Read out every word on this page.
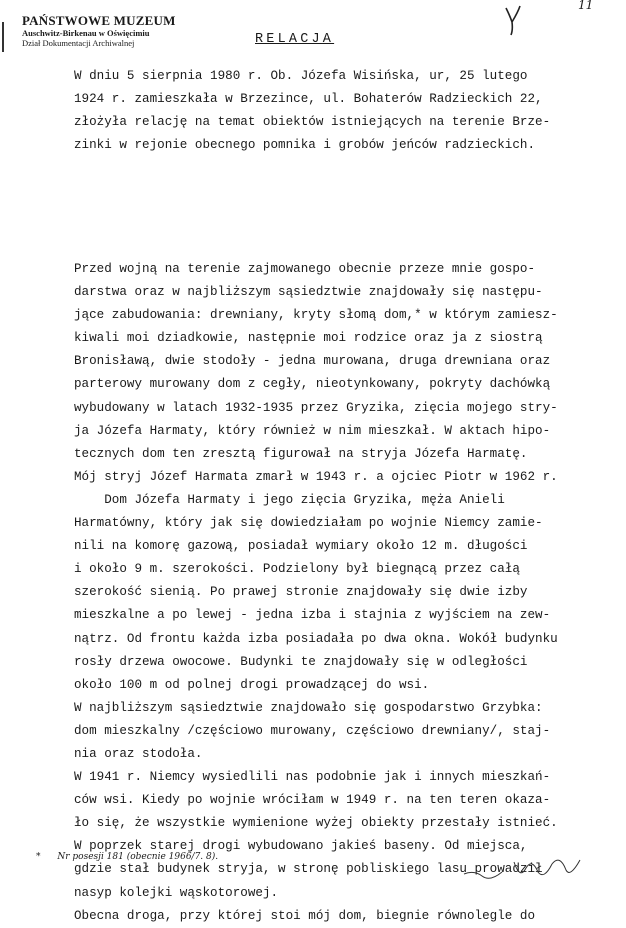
PAŃSTWOWE MUZEUM
Auschwitz-Birkenau w Oświęcimiu
Dział Dokumentacji Archiwalnej	RELACJA
11
W dniu 5 sierpnia 1980 r. Ob. Józefa Wisińska, ur, 25 lutego
1924 r. zamieszkała w Brzezince, ul. Bohaterów Radzieckich 22,
złożyła relację na temat obiektów istniejących na terenie Brze-
zinki w rejonie obecnego pomnika i grobów jeńców radzieckich.
Przed wojną na terenie zajmowanego obecnie przeze mnie gospo-
darstwa oraz w najbliższym sąsiedztwie znajdowały się następu-
jące zabudowania: drewniany, kryty słomą dom,* w którym zamiesz-
kiwali moi dziadkowie, następnie moi rodzice oraz ja z siostrą
Bronisławą, dwie stodoły - jedna murowana, druga drewniana oraz
parterowy murowany dom z cegły, nieotynkowany, pokryty dachówką
wybudowany w latach 1932-1935 przez Gryzika, zięcia mojego stry-
ja Józefa Harmaty, który również w nim mieszkał. W aktach hipo-
tecznych dom ten zresztą figurował na stryja Józefa Harmatę.
Mój stryj Józef Harmata zmarł w 1943 r. a ojciec Piotr w 1962 r.
Dom Józefa Harmaty i jego zięcia Gryzika, męża Anieli
Harmatówny, który jak się dowiedziałam po wojnie Niemcy zamie-
nili na komorę gazową, posiadał wymiary około 12 m. długości
i około 9 m. szerokości. Podzielony był biegnącą przez całą
szerokość sienią. Po prawej stronie znajdowały się dwie izby
mieszkalne a po lewej - jedna izba i stajnia z wyjściem na zew-
nątrz. Od frontu każda izba posiadała po dwa okna. Wokół budynku
rosły drzewa owocowe. Budynki te znajdowały się w odległości
około 100 m od polnej drogi prowadzącej do wsi.
W najbliższym sąsiedztwie znajdowało się gospodarstwo Grzybka:
dom mieszkalny /częściowo murowany, częściowo drewniany/, staj-
nia oraz stodoła.
W 1941 r. Niemcy wysiedlili nas podobnie jak i innych mieszkań-
ców wsi. Kiedy po wojnie wróciłam w 1949 r. na ten teren okaza-
ło się, że wszystkie wymienione wyżej obiekty przestały istnieć.
W poprzek starej drogi wybudowano jakieś baseny. Od miejsca,
gdzie stał budynek stryja, w stronę pobliskiego lasu prowadził
nasyp kolejki wąskotorowej.
Obecna droga, przy której stoi mój dom, biegnie równolegle do
* Nr posesji 181 (obecnie 1966/7. 8).
